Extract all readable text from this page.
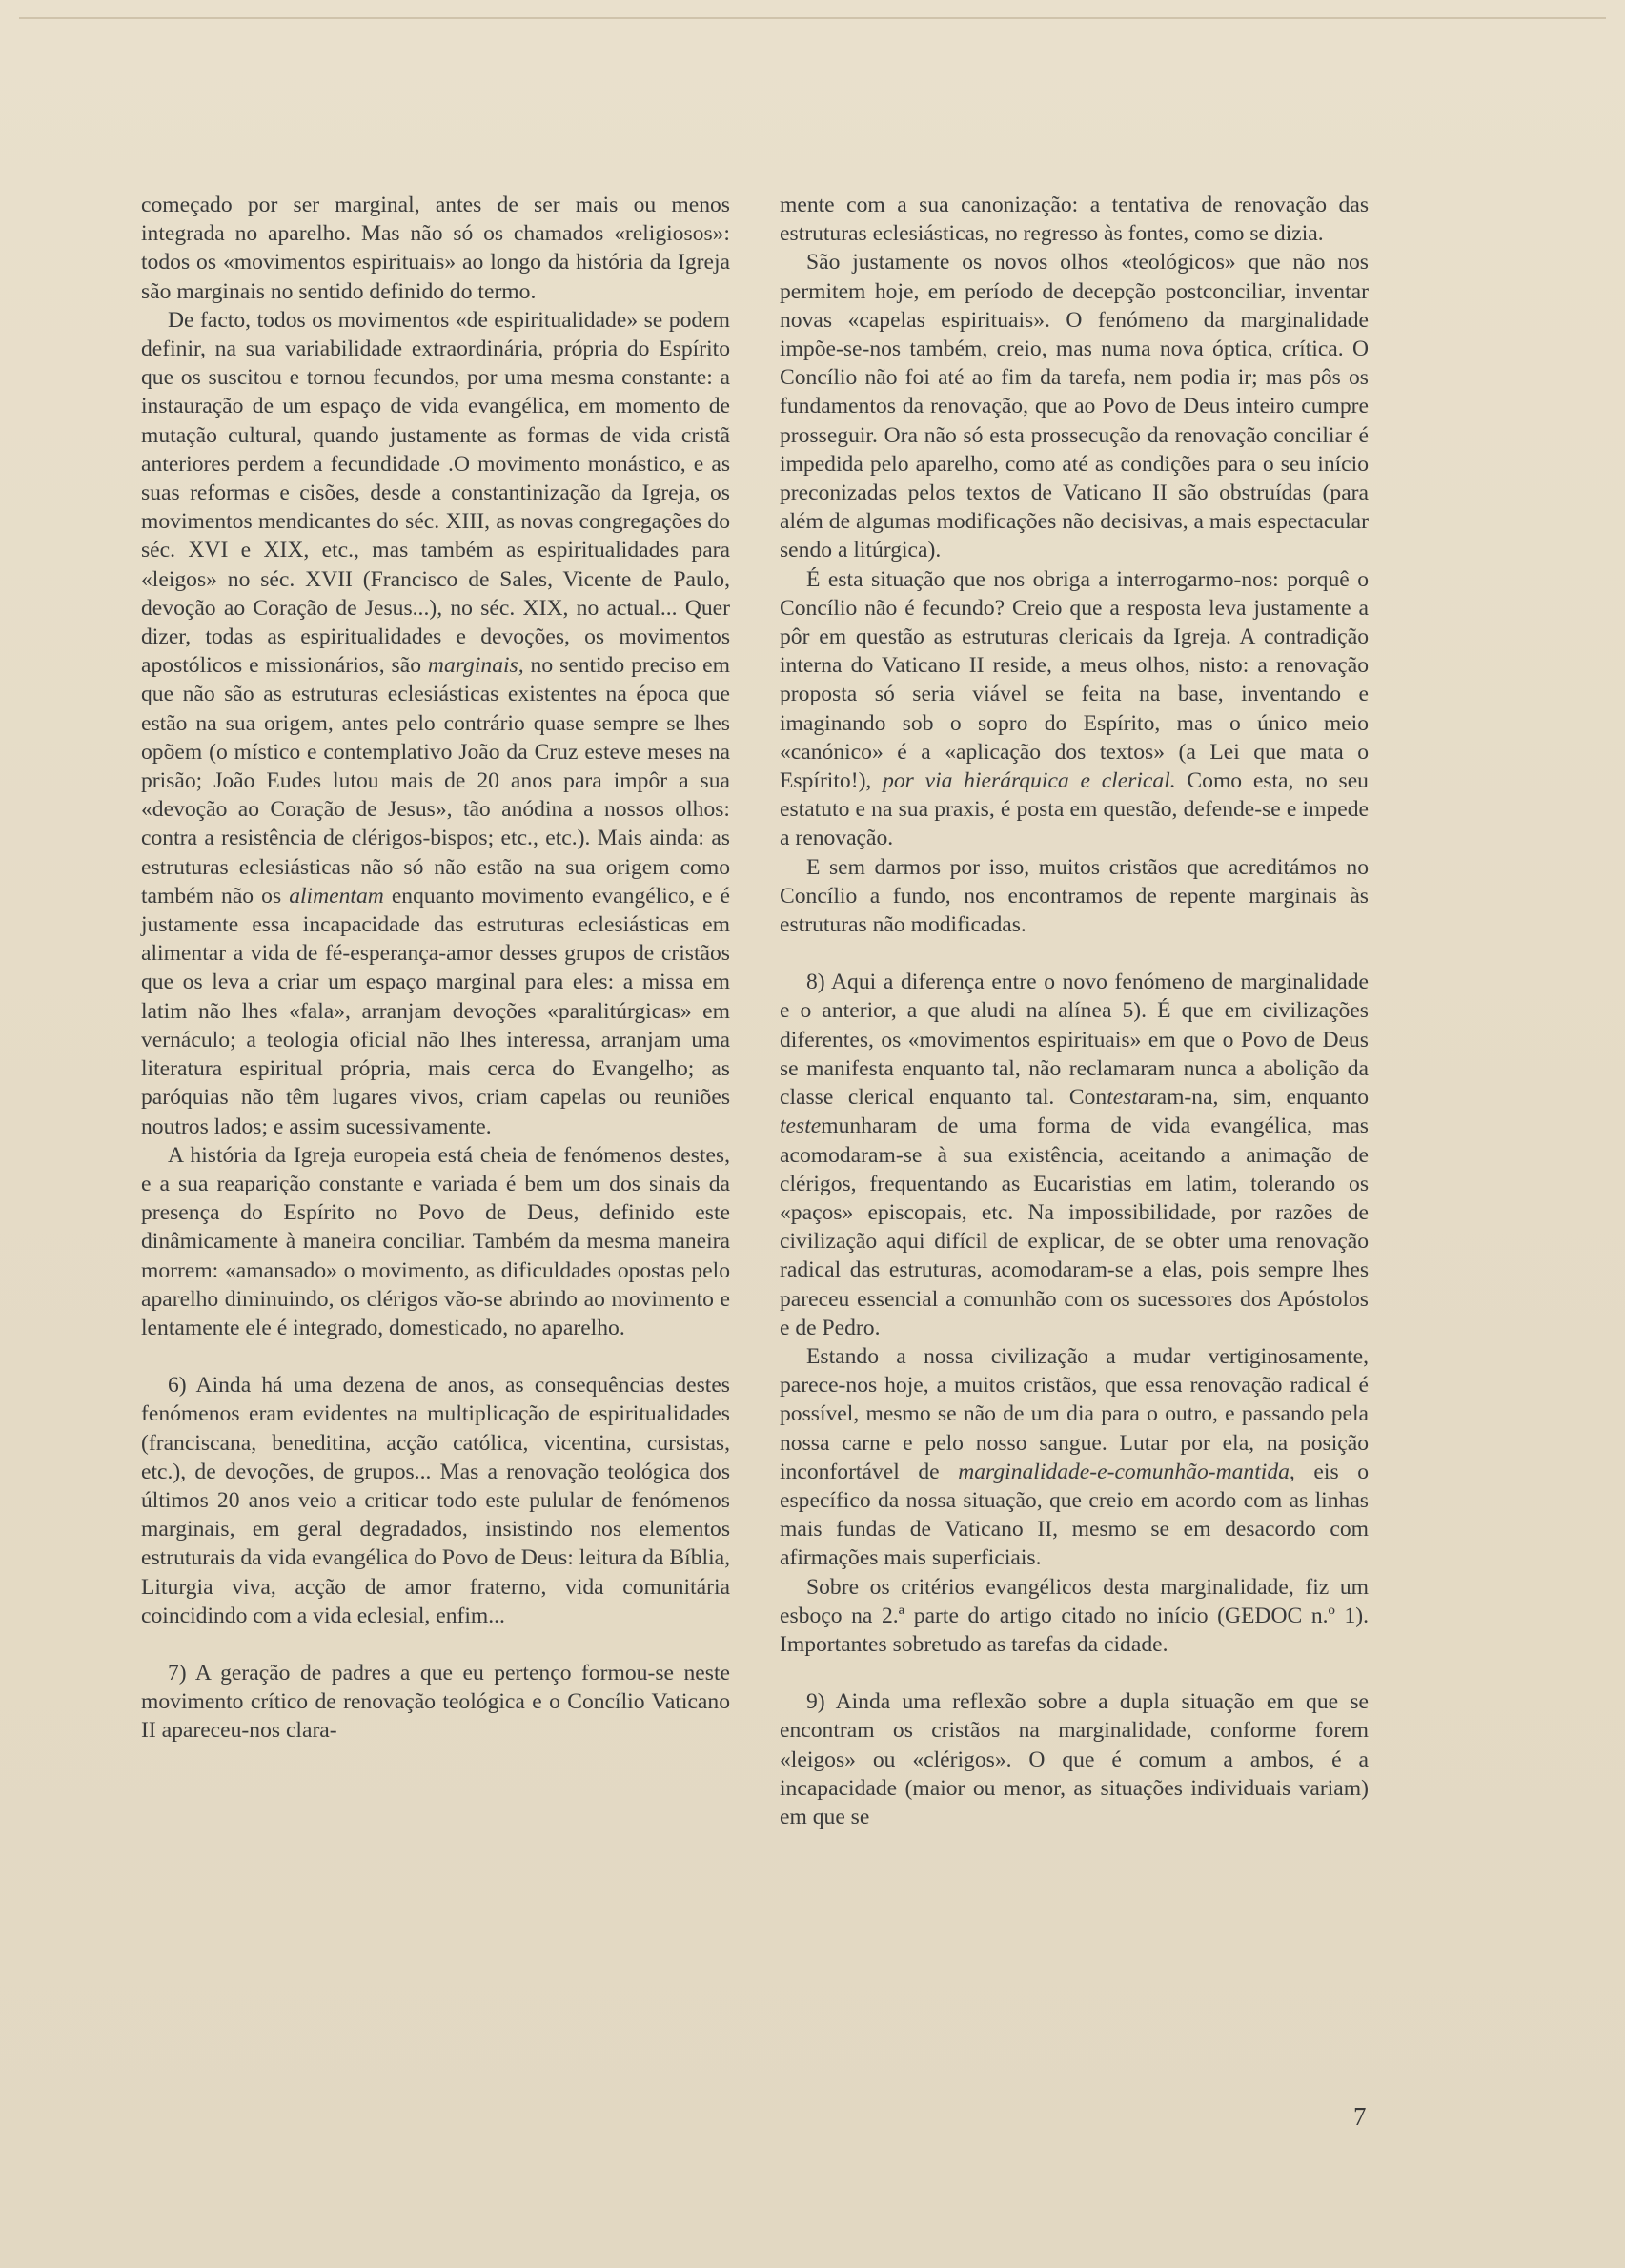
começado por ser marginal, antes de ser mais ou menos integrada no aparelho. Mas não só os chamados «religiosos»: todos os «movimentos espirituais» ao longo da história da Igreja são marginais no sentido definido do termo.

De facto, todos os movimentos «de espiritualidade» se podem definir, na sua variabilidade extraordinária, própria do Espírito que os suscitou e tornou fecundos, por uma mesma constante: a instauração de um espaço de vida evangélica, em momento de mutação cultural, quando justamente as formas de vida cristã anteriores perdem a fecundidade .O movimento monástico, e as suas reformas e cisões, desde a constantinização da Igreja, os movimentos mendicantes do séc. XIII, as novas congregações do séc. XVI e XIX, etc., mas também as espiritualidades para «leigos» no séc. XVII (Francisco de Sales, Vicente de Paulo, devoção ao Coração de Jesus...), no séc. XIX, no actual... Quer dizer, todas as espiritualidades e devoções, os movimentos apostólicos e missionários, são marginais, no sentido preciso em que não são as estruturas eclesiásticas existentes na época que estão na sua origem, antes pelo contrário quase sempre se lhes opõem (o místico e contemplativo João da Cruz esteve meses na prisão; João Eudes lutou mais de 20 anos para impôr a sua «devoção ao Coração de Jesus», tão anódina a nossos olhos: contra a resistência de clérigos-bispos; etc., etc.). Mais ainda: as estruturas eclesiásticas não só não estão na sua origem como também não os alimentam enquanto movimento evangélico, e é justamente essa incapacidade das estruturas eclesiásticas em alimentar a vida de fé-esperança-amor desses grupos de cristãos que os leva a criar um espaço marginal para eles: a missa em latim não lhes «fala», arranjam devoções «paralitúrgicas» em vernáculo; a teologia oficial não lhes interessa, arranjam uma literatura espiritual própria, mais cerca do Evangelho; as paróquias não têm lugares vivos, criam capelas ou reuniões noutros lados; e assim sucessivamente.

A história da Igreja europeia está cheia de fenómenos destes, e a sua reaparição constante e variada é bem um dos sinais da presença do Espírito no Povo de Deus, definido este dinâmicamente à maneira conciliar. Também da mesma maneira morrem: «amansado» o movimento, as dificuldades opostas pelo aparelho diminuindo, os clérigos vão-se abrindo ao movimento e lentamente ele é integrado, domesticado, no aparelho.

6) Ainda há uma dezena de anos, as consequências destes fenómenos eram evidentes na multiplicação de espiritualidades (franciscana, beneditina, acção católica, vicentina, cursistas, etc.), de devoções, de grupos... Mas a renovação teológica dos últimos 20 anos veio a criticar todo este pulular de fenómenos marginais, em geral degradados, insistindo nos elementos estruturais da vida evangélica do Povo de Deus: leitura da Bíblia, Liturgia viva, acção de amor fraterno, vida comunitária coincidindo com a vida eclesial, enfim...

7) A geração de padres a que eu pertenço formou-se neste movimento crítico de renovação teológica e o Concílio Vaticano II apareceu-nos clara-

mente com a sua canonização: a tentativa de renovação das estruturas eclesiásticas, no regresso às fontes, como se dizia.

São justamente os novos olhos «teológicos» que não nos permitem hoje, em período de decepção postconciliar, inventar novas «capelas espirituais». O fenómeno da marginalidade impõe-se-nos também, creio, mas numa nova óptica, crítica. O Concílio não foi até ao fim da tarefa, nem podia ir; mas pôs os fundamentos da renovação, que ao Povo de Deus inteiro cumpre prosseguir. Ora não só esta prossecução da renovação conciliar é impedida pelo aparelho, como até as condições para o seu início preconizadas pelos textos de Vaticano II são obstruídas (para além de algumas modificações não decisivas, a mais espectacular sendo a litúrgica).

É esta situação que nos obriga a interrogarmo-nos: porquê o Concílio não é fecundo? Creio que a resposta leva justamente a pôr em questão as estruturas clericais da Igreja. A contradição interna do Vaticano II reside, a meus olhos, nisto: a renovação proposta só seria viável se feita na base, inventando e imaginando sob o sopro do Espírito, mas o único meio «canónico» é a «aplicação dos textos» (a Lei que mata o Espírito!), por via hierárquica e clerical. Como esta, no seu estatuto e na sua praxis, é posta em questão, defende-se e impede a renovação.

E sem darmos por isso, muitos cristãos que acreditámos no Concílio a fundo, nos encontramos de repente marginais às estruturas não modificadas.

8) Aqui a diferença entre o novo fenómeno de marginalidade e o anterior, a que aludi na alínea 5). É que em civilizações diferentes, os «movimentos espirituais» em que o Povo de Deus se manifesta enquanto tal, não reclamaram nunca a abolição da classe clerical enquanto tal. Contestaram-na, sim, enquanto testemunharam de uma forma de vida evangélica, mas acomodaram-se à sua existência, aceitando a animação de clérigos, frequentando as Eucaristias em latim, tolerando os «paços» episcopais, etc. Na impossibilidade, por razões de civilização aqui difícil de explicar, de se obter uma renovação radical das estruturas, acomodaram-se a elas, pois sempre lhes pareceu essencial a comunhão com os sucessores dos Apóstolos e de Pedro.

Estando a nossa civilização a mudar vertiginosamente, parece-nos hoje, a muitos cristãos, que essa renovação radical é possível, mesmo se não de um dia para o outro, e passando pela nossa carne e pelo nosso sangue. Lutar por ela, na posição inconfortável de marginalidade-e-comunhão-mantida, eis o específico da nossa situação, que creio em acordo com as linhas mais fundas de Vaticano II, mesmo se em desacordo com afirmações mais superficiais.

Sobre os critérios evangélicos desta marginalidade, fiz um esboço na 2.ª parte do artigo citado no início (GEDOC n.º 1). Importantes sobretudo as tarefas da cidade.

9) Ainda uma reflexão sobre a dupla situação em que se encontram os cristãos na marginalidade, conforme forem «leigos» ou «clérigos». O que é comum a ambos, é a incapacidade (maior ou menor, as situações individuais variam) em que se

7
